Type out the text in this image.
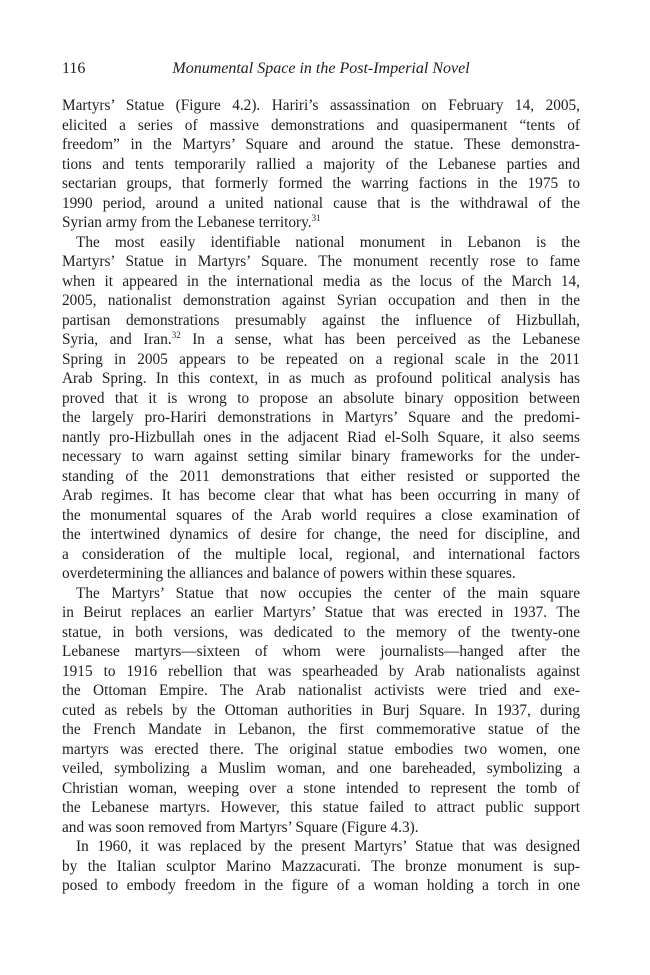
116	Monumental Space in the Post-Imperial Novel

Martyrs’ Statue (Figure 4.2). Hariri’s assassination on February 14, 2005,
elicited a series of massive demonstrations and quasipermanent “tents of
freedom” in the Martyrs’ Square and around the statue. These demonstra-
tions and tents temporarily rallied a majority of the Lebanese parties and
sectarian groups, that formerly formed the warring factions in the 1975 to
1990 period, around a united national cause that is the withdrawal of the
Syrian army from the Lebanese territory.$^{31}$

The most easily identifiable national monument in Lebanon is the
Martyrs’ Statue in Martyrs’ Square. The monument recently rose to fame
when it appeared in the international media as the locus of the March 14,
2005, nationalist demonstration against Syrian occupation and then in the
partisan demonstrations presumably against the influence of Hizbullah,
Syria, and Iran.$^{32}$ In a sense, what has been perceived as the Lebanese
Spring in 2005 appears to be repeated on a regional scale in the 2011
Arab Spring. In this context, in as much as profound political analysis has
proved that it is wrong to propose an absolute binary opposition between
the largely pro-Hariri demonstrations in Martyrs’ Square and the predomi-
nantly pro-Hizbullah ones in the adjacent Riad el-Solh Square, it also seems
necessary to warn against setting similar binary frameworks for the under-
standing of the 2011 demonstrations that either resisted or supported the
Arab regimes. It has become clear that what has been occurring in many of
the monumental squares of the Arab world requires a close examination of
the intertwined dynamics of desire for change, the need for discipline, and
a consideration of the multiple local, regional, and international factors
overdetermining the alliances and balance of powers within these squares.

The Martyrs’ Statue that now occupies the center of the main square
in Beirut replaces an earlier Martyrs’ Statue that was erected in 1937. The
statue, in both versions, was dedicated to the memory of the twenty-one
Lebanese martyrs—sixteen of whom were journalists—hanged after the
1915 to 1916 rebellion that was spearheaded by Arab nationalists against
the Ottoman Empire. The Arab nationalist activists were tried and exe-
cuted as rebels by the Ottoman authorities in Burj Square. In 1937, during
the French Mandate in Lebanon, the first commemorative statue of the
martyrs was erected there. The original statue embodies two women, one
veiled, symbolizing a Muslim woman, and one bareheaded, symbolizing a
Christian woman, weeping over a stone intended to represent the tomb of
the Lebanese martyrs. However, this statue failed to attract public support
and was soon removed from Martyrs’ Square (Figure 4.3).

In 1960, it was replaced by the present Martyrs’ Statue that was designed
by the Italian sculptor Marino Mazzacurati. The bronze monument is sup-
posed to embody freedom in the figure of a woman holding a torch in one
